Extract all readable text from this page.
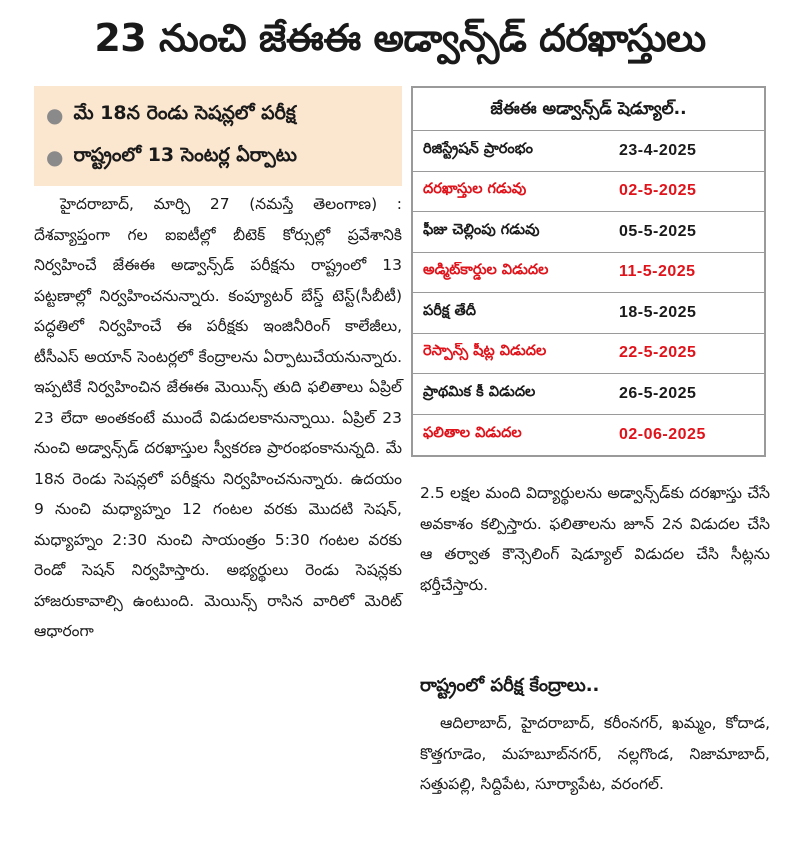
23 నుంచి జేఈఈ అడ్వాన్స్‌డ్ దరఖాస్తులు
● మే 18న రెండు సెషన్లలో పరీక్ష
● రాష్ట్రంలో 13 సెంటర్ల ఏర్పాటు

హైదరాబాద్, మార్చి 27 (నమస్తే తెలంగాణ) : దేశవ్యాప్తంగా గల ఐఐటీల్లో బీటెక్ కోర్సుల్లో ప్రవేశానికి నిర్వహించే జేఈఈ అడ్వాన్స్‌డ్ పరీక్షను రాష్ట్రంలో 13 పట్టణాల్లో నిర్వహించనున్నారు. కంప్యూటర్ బేస్డ్ టెస్ట్(సీబీటీ) పద్ధతిలో నిర్వహించే ఈ పరీక్షకు ఇంజినీరింగ్ కాలేజీలు, టీసీఎస్ అయాన్ సెంటర్లలో కేంద్రాలను ఏర్పాటుచేయనున్నారు. ఇప్పటికే నిర్వహించిన జేఈఈ మెయిన్స్ తుది ఫలితాలు ఏప్రిల్ 23 లేదా అంతకంటే ముందే విడుదలకానున్నాయి. ఏప్రిల్ 23 నుంచి అడ్వాన్స్‌డ్ దరఖాస్తుల స్వీకరణ ప్రారంభంకానున్నది. మే 18న రెండు సెషన్లలో పరీక్షను నిర్వహించనున్నారు. ఉదయం 9 నుంచి మధ్యాహ్నం 12 గంటల వరకు మొదటి సెషన్, మధ్యాహ్నం 2:30 నుంచి సాయంత్రం 5:30 గంటల వరకు రెండో సెషన్ నిర్వహిస్తారు. అభ్యర్థులు రెండు సెషన్లకు హాజరుకావాల్సి ఉంటుంది. మెయిన్స్ రాసిన వారిలో మెరిట్ ఆధారంగా

జేఈఈ అడ్వాన్స్‌డ్ షెడ్యూల్..
రిజిస్ట్రేషన్ ప్రారంభం	23-4-2025
దరఖాస్తుల గడువు	02-5-2025
ఫీజు చెల్లింపు గడువు	05-5-2025
అడ్మిట్‌కార్డుల విడుదల	11-5-2025
పరీక్ష తేదీ	18-5-2025
రెస్పాన్స్ షీట్ల విడుదల	22-5-2025
ప్రాథమిక కీ విడుదల	26-5-2025
ఫలితాల విడుదల	02-06-2025

2.5 లక్షల మంది విద్యార్థులను అడ్వాన్స్‌డ్‌కు దరఖాస్తు చేసే అవకాశం కల్పిస్తారు. ఫలితాలను జూన్ 2న విడుదల చేసి ఆ తర్వాత కౌన్సెలింగ్ షెడ్యూల్ విడుదల చేసి సీట్లను భర్తీచేస్తారు.

రాష్ట్రంలో పరీక్ష కేంద్రాలు..

ఆదిలాబాద్, హైదరాబాద్, కరీంనగర్, ఖమ్మం, కోదాడ, కొత్తగూడెం, మహబూబ్‌నగర్, నల్లగొండ, నిజామాబాద్, సత్తుపల్లి, సిద్దిపేట, సూర్యాపేట, వరంగల్.
